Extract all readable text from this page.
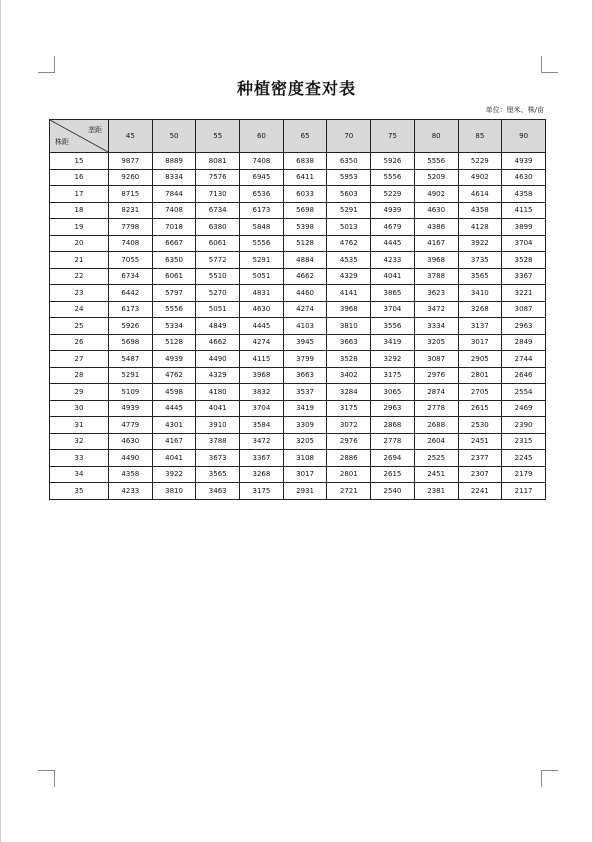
种植密度查对表
单位：厘米、株/亩
垄距
株距	45	50	55	60	65	70	75	80	85	90
15	9877	8889	8081	7408	6838	6350	5926	5556	5229	4939
16	9260	8334	7576	6945	6411	5953	5556	5209	4902	4630
17	8715	7844	7130	6536	6033	5603	5229	4902	4614	4358
18	8231	7408	6734	6173	5698	5291	4939	4630	4358	4115
19	7798	7018	6380	5848	5398	5013	4679	4386	4128	3899
20	7408	6667	6061	5556	5128	4762	4445	4167	3922	3704
21	7055	6350	5772	5291	4884	4535	4233	3968	3735	3528
22	6734	6061	5510	5051	4662	4329	4041	3788	3565	3367
23	6442	5797	5270	4831	4460	4141	3865	3623	3410	3221
24	6173	5556	5051	4630	4274	3968	3704	3472	3268	3087
25	5926	5334	4849	4445	4103	3810	3556	3334	3137	2963
26	5698	5128	4662	4274	3945	3663	3419	3205	3017	2849
27	5487	4939	4490	4115	3799	3528	3292	3087	2905	2744
28	5291	4762	4329	3968	3663	3402	3175	2976	2801	2646
29	5109	4598	4180	3832	3537	3284	3065	2874	2705	2554
30	4939	4445	4041	3704	3419	3175	2963	2778	2615	2469
31	4779	4301	3910	3584	3309	3072	2868	2688	2530	2390
32	4630	4167	3788	3472	3205	2976	2778	2604	2451	2315
33	4490	4041	3673	3367	3108	2886	2694	2525	2377	2245
34	4358	3922	3565	3268	3017	2801	2615	2451	2307	2179
35	4233	3810	3463	3175	2931	2721	2540	2381	2241	2117
